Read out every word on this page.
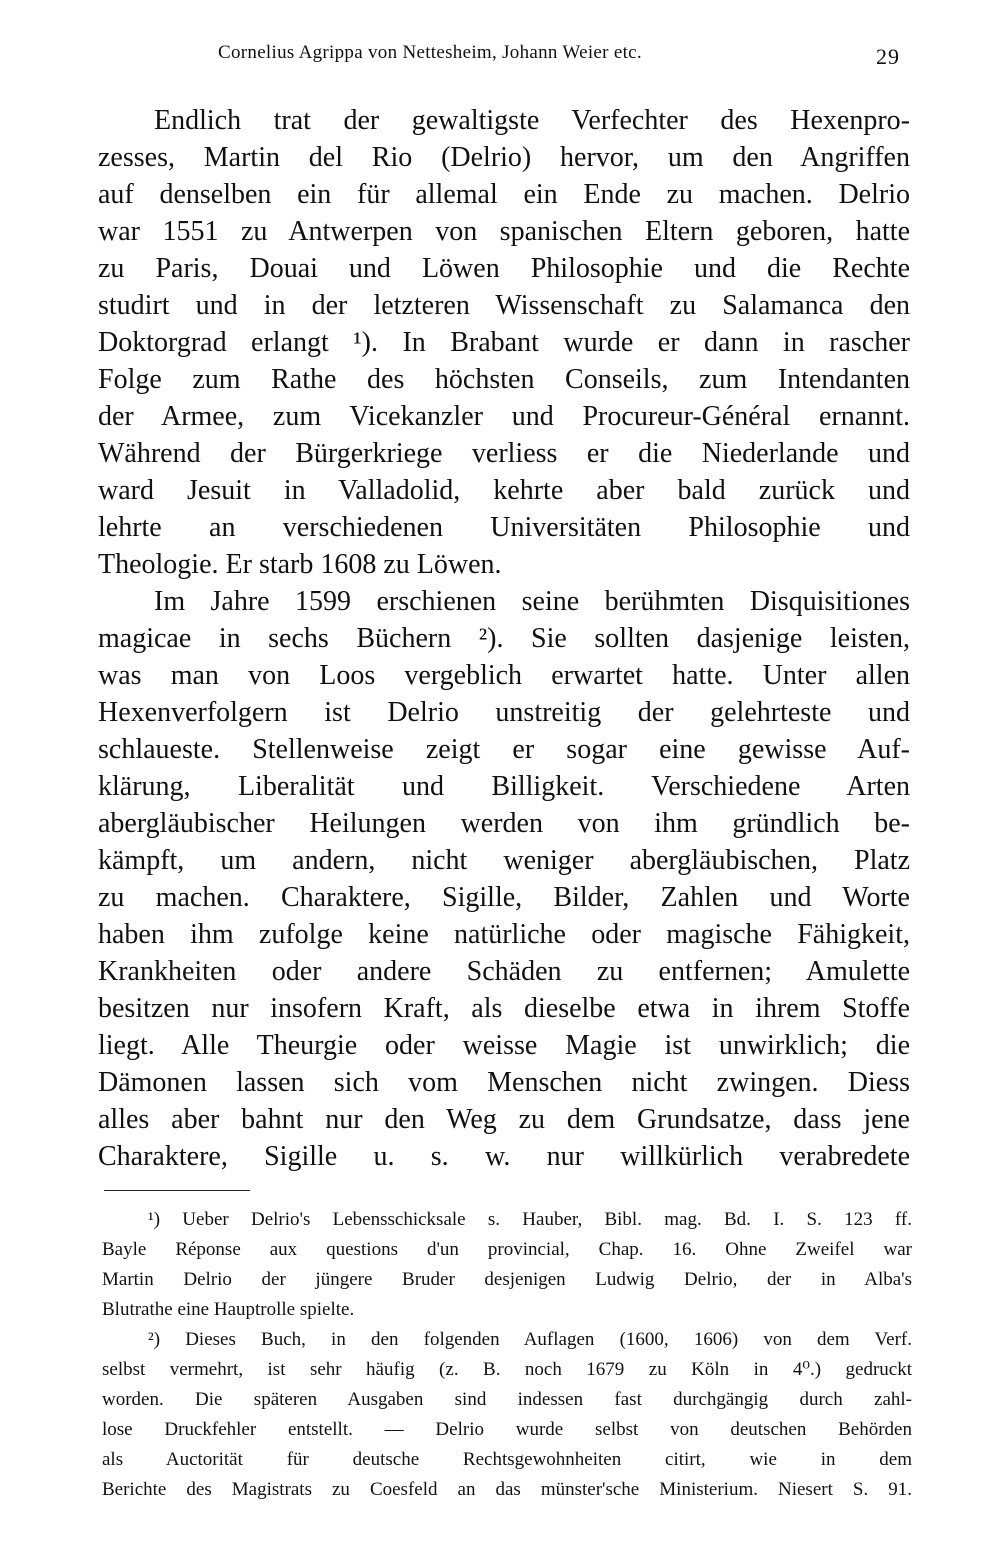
Cornelius Agrippa von Nettesheim, Johann Weier etc.	29
Endlich trat der gewaltigste Verfechter des Hexenpro-
zesses, Martin del Rio (Delrio) hervor, um den Angriffen
auf denselben ein für allemal ein Ende zu machen. Delrio
war 1551 zu Antwerpen von spanischen Eltern geboren, hatte
zu Paris, Douai und Löwen Philosophie und die Rechte
studirt und in der letzteren Wissenschaft zu Salamanca den
Doktorgrad erlangt ¹). In Brabant wurde er dann in rascher
Folge zum Rathe des höchsten Conseils, zum Intendanten
der Armee, zum Vicekanzler und Procureur-Général ernannt.
Während der Bürgerkriege verliess er die Niederlande und
ward Jesuit in Valladolid, kehrte aber bald zurück und
lehrte an verschiedenen Universitäten Philosophie und
Theologie. Er starb 1608 zu Löwen.
Im Jahre 1599 erschienen seine berühmten Disquisitiones
magicae in sechs Büchern ²). Sie sollten dasjenige leisten,
was man von Loos vergeblich erwartet hatte. Unter allen
Hexenverfolgern ist Delrio unstreitig der gelehrteste und
schlaueste. Stellenweise zeigt er sogar eine gewisse Auf-
klärung, Liberalität und Billigkeit. Verschiedene Arten
abergläubischer Heilungen werden von ihm gründlich be-
kämpft, um andern, nicht weniger abergläubischen, Platz
zu machen. Charaktere, Sigille, Bilder, Zahlen und Worte
haben ihm zufolge keine natürliche oder magische Fähigkeit,
Krankheiten oder andere Schäden zu entfernen; Amulette
besitzen nur insofern Kraft, als dieselbe etwa in ihrem Stoffe
liegt. Alle Theurgie oder weisse Magie ist unwirklich; die
Dämonen lassen sich vom Menschen nicht zwingen. Diess
alles aber bahnt nur den Weg zu dem Grundsatze, dass jene
Charaktere, Sigille u. s. w. nur willkürlich verabredete
¹) Ueber Delrio's Lebensschicksale s. Hauber, Bibl. mag. Bd. I. S. 123 ff.
Bayle Réponse aux questions d'un provincial, Chap. 16. Ohne Zweifel war
Martin Delrio der jüngere Bruder desjenigen Ludwig Delrio, der in Alba's
Blutrathe eine Hauptrolle spielte.
²) Dieses Buch, in den folgenden Auflagen (1600, 1606) von dem Verf.
selbst vermehrt, ist sehr häufig (z. B. noch 1679 zu Köln in 4⁰.) gedruckt
worden. Die späteren Ausgaben sind indessen fast durchgängig durch zahl-
lose Druckfehler entstellt. — Delrio wurde selbst von deutschen Behörden
als Auctorität für deutsche Rechtsgewohnheiten citirt, wie in dem
Berichte des Magistrats zu Coesfeld an das münster'sche Ministerium. Niesert S. 91.
